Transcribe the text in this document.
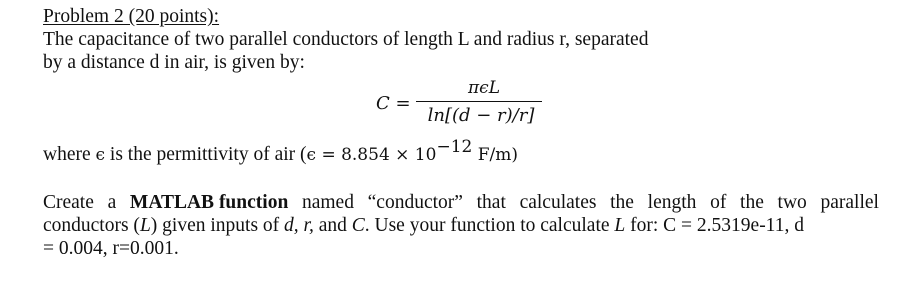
Problem 2 (20 points):
The capacitance of two parallel conductors of length L and radius r, separated
by a distance d in air, is given by:
C =
πϵL
ln[(d − r)/r]
where ϵ is the permittivity of air ($\epsilon = 8.854 \times 10^{-12}$ F/m)
Create a MATLAB function named “conductor” that calculates the length of the two parallel
conductors (L) given inputs of d, r, and C. Use your function to calculate L for: C = 2.5319e-11, d
= 0.004, r=0.001.
